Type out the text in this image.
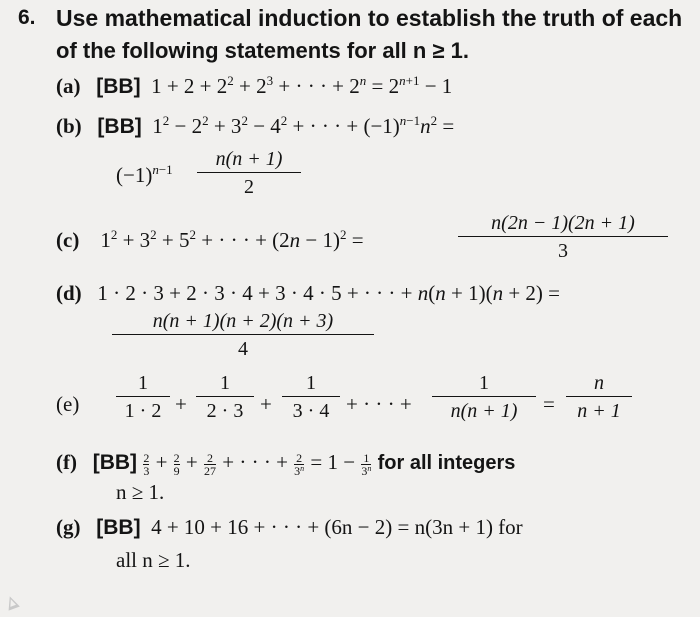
6. Use mathematical induction to establish the truth of each
of the following statements for all n ≥ 1.
(a) [BB]  $1 + 2 + 2^2 + 2^3$ + · · · + $2^n = 2^{n+1} - 1$
(b) [BB]  $1^2 - 2^2 + 3^2 - 4^2$ + · · · + $(-1)^{n-1}n^2$ =
$(-1)^{n-1}$	n(n + 1)
2
(c)    $1^2 + 3^2 + 5^2$ + · · · + $(2n - 1)^2$ =
n(2n − 1)(2n + 1)
3
(d)   1 · 2 · 3 + 2 · 3 · 4 + 3 · 4 · 5 + · · · + n(n + 1)(n + 2) =
n(n + 1)(n + 2)(n + 3)
4
(e)
1
1 · 2 +
1
2 · 3 +
1
3 · 4 + · · · +
1
n(n + 1)	=
n
n + 1
(f) $[BB] \frac{2}{3} + \frac{2}{9} + \frac{2}{27}$ + · · · + $\frac{2}{3^n} = 1 - \frac{1}{3^n}$ for all integers
n ≥ 1.
(g) [BB] 4 + 10 + 16 + · · · + (6n − 2) = n(3n + 1) for
all n ≥ 1.
